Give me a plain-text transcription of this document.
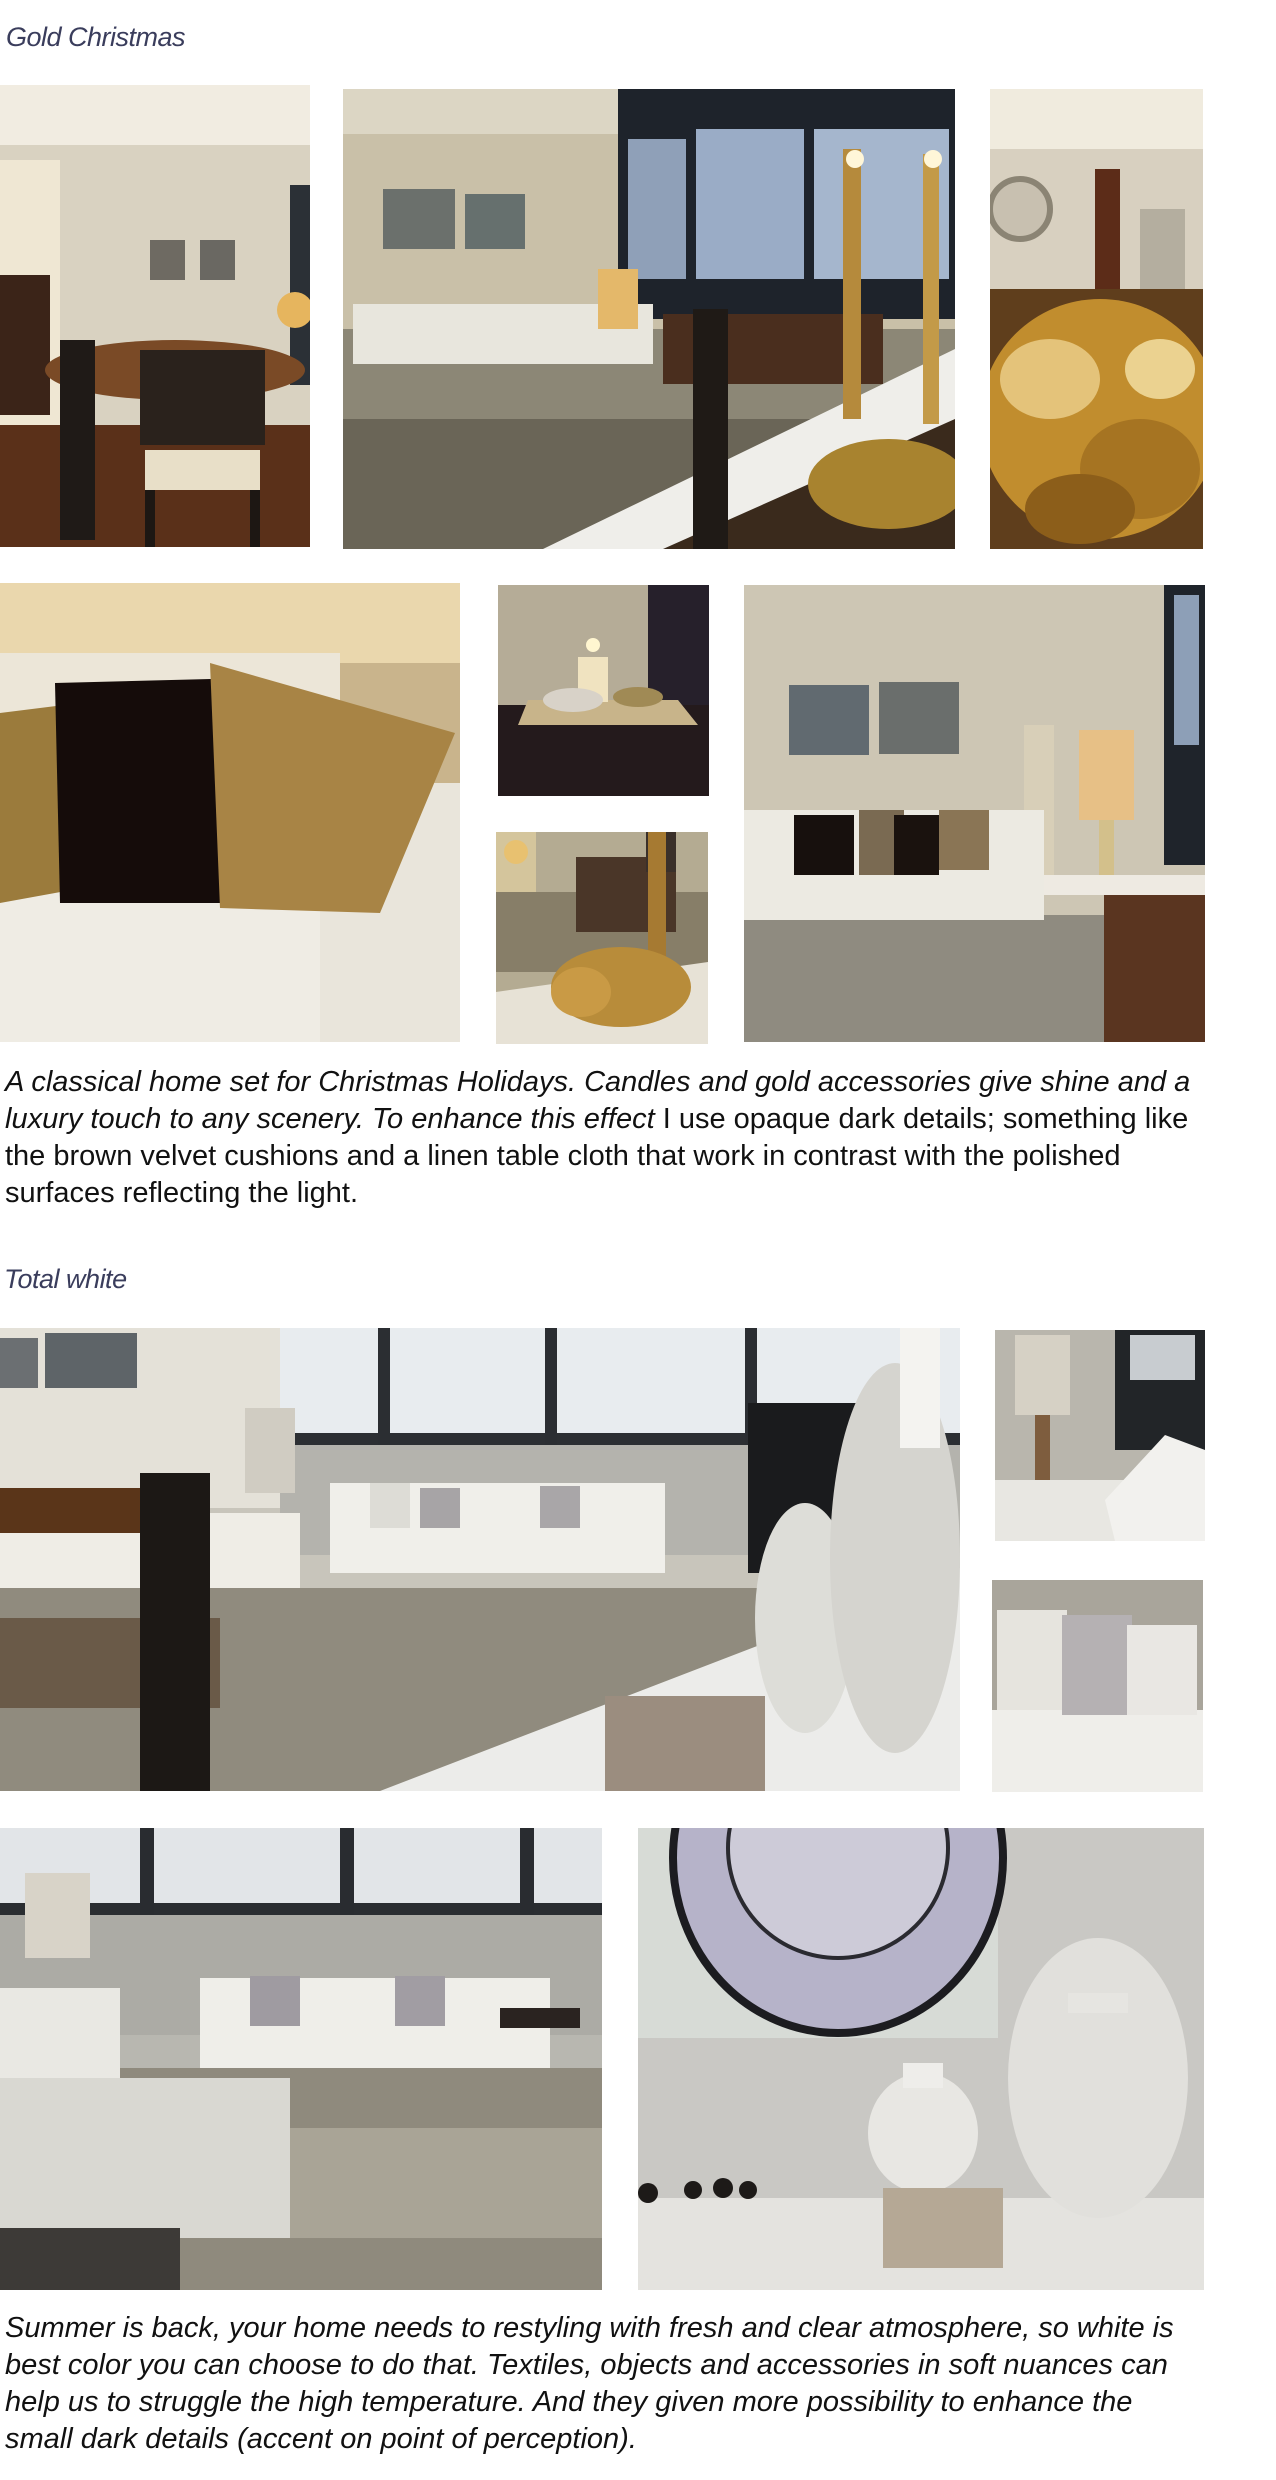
Gold Christmas
A classical home set for Christmas Holidays. Candles and gold accessories give shine and a luxury touch to any scenery. To enhance this effect I use opaque dark details; something like the brown velvet cushions and a linen table cloth that work in contrast with the polished surfaces reflecting the light.
Total white
Summer is back, your home needs to restyling with fresh and clear atmosphere, so white is best color you can choose to do that. Textiles, objects and accessories in soft nuances can help us to struggle the high temperature. And they given more possibility to enhance the small dark details (accent on point of perception).
